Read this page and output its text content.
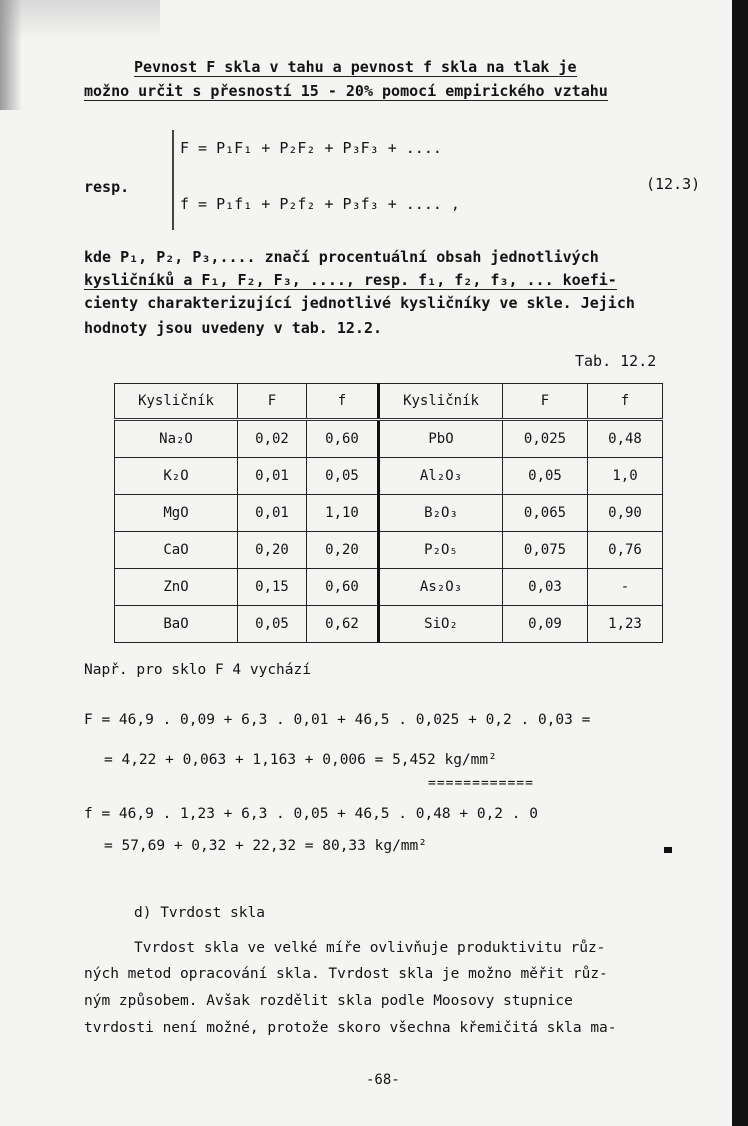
Pevnost F skla v tahu a pevnost f skla na tlak je
možno určit s přesností 15 - 20% pomocí empirického vztahu
F = P₁F₁ + P₂F₂ + P₃F₃ + ....
resp.	(12.3)
f = P₁f₁ + P₂f₂ + P₃f₃ + .... ,
kde P₁, P₂, P₃,.... značí procentuální obsah jednotlivých
kysličníků a F₁, F₂, F₃, ...., resp. f₁, f₂, f₃, ... koefi-
cienty charakterizující jednotlivé kysličníky ve skle. Jejich
hodnoty jsou uvedeny v tab. 12.2.
Tab. 12.2
Kysličník	F	f	Kysličník	F	f
Na₂O	0,02	0,60	PbO	0,025	0,48
K₂O	0,01	0,05	Al₂O₃	0,05	1,0
MgO	0,01	1,10	B₂O₃	0,065	0,90
CaO	0,20	0,20	P₂O₅	0,075	0,76
ZnO	0,15	0,60	As₂O₃	0,03	-
BaO	0,05	0,62	SiO₂	0,09	1,23
Např. pro sklo F 4 vychází
F = 46,9 . 0,09 + 6,3 . 0,01 + 46,5 . 0,025 + 0,2 . 0,03 =
= 4,22 + 0,063 + 1,163 + 0,006 = 5,452 kg/mm²
============
f = 46,9 . 1,23 + 6,3 . 0,05 + 46,5 . 0,48 + 0,2 . 0
= 57,69 + 0,32 + 22,32 = 80,33 kg/mm²
d) Tvrdost skla
Tvrdost skla ve velké míře ovlivňuje produktivitu růz-
ných metod opracování skla. Tvrdost skla je možno měřit růz-
ným způsobem. Avšak rozdělit skla podle Moosovy stupnice
tvrdosti není možné, protože skoro všechna křemičitá skla ma-
-68-
